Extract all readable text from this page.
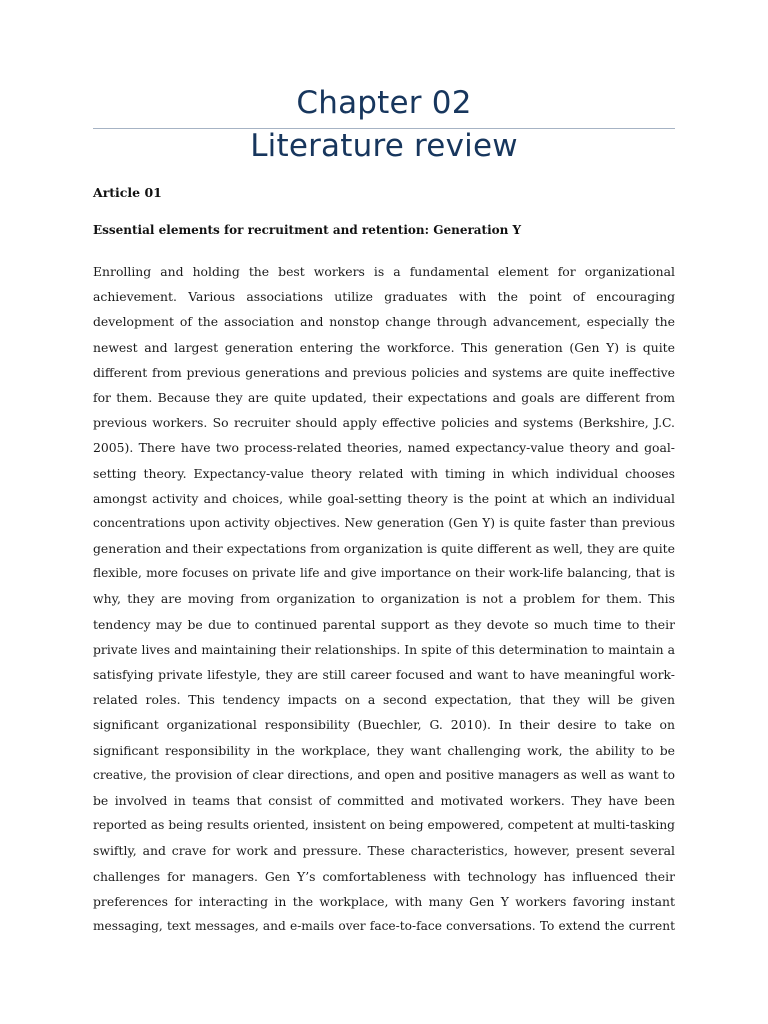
Chapter 02
Literature review

Article 01

Essential elements for recruitment and retention: Generation Y

Enrolling and holding the best workers is a fundamental element for organizational
achievement. Various associations utilize graduates with the point of encouraging
development of the association and nonstop change through advancement, especially the
newest and largest generation entering the workforce. This generation (Gen Y) is quite
different from previous generations and previous policies and systems are quite ineffective
for them. Because they are quite updated, their expectations and goals are different from
previous workers. So recruiter should apply effective policies and systems (Berkshire, J.C.
2005). There have two process-related theories, named expectancy-value theory and goal-
setting theory. Expectancy-value theory related with timing in which individual chooses
amongst activity and choices, while goal-setting theory is the point at which an individual
concentrations upon activity objectives. New generation (Gen Y) is quite faster than previous
generation and their expectations from organization is quite different as well, they are quite
flexible, more focuses on private life and give importance on their work-life balancing, that is
why, they are moving from organization to organization is not a problem for them. This
tendency may be due to continued parental support as they devote so much time to their
private lives and maintaining their relationships. In spite of this determination to maintain a
satisfying private lifestyle, they are still career focused and want to have meaningful work-
related roles. This tendency impacts on a second expectation, that they will be given
significant organizational responsibility (Buechler, G. 2010). In their desire to take on
significant responsibility in the workplace, they want challenging work, the ability to be
creative, the provision of clear directions, and open and positive managers as well as want to
be involved in teams that consist of committed and motivated workers. They have been
reported as being results oriented, insistent on being empowered, competent at multi-tasking
swiftly, and crave for work and pressure. These characteristics, however, present several
challenges for managers. Gen Y’s comfortableness with technology has influenced their
preferences for interacting in the workplace, with many Gen Y workers favoring instant
messaging, text messages, and e-mails over face-to-face conversations. To extend the current
